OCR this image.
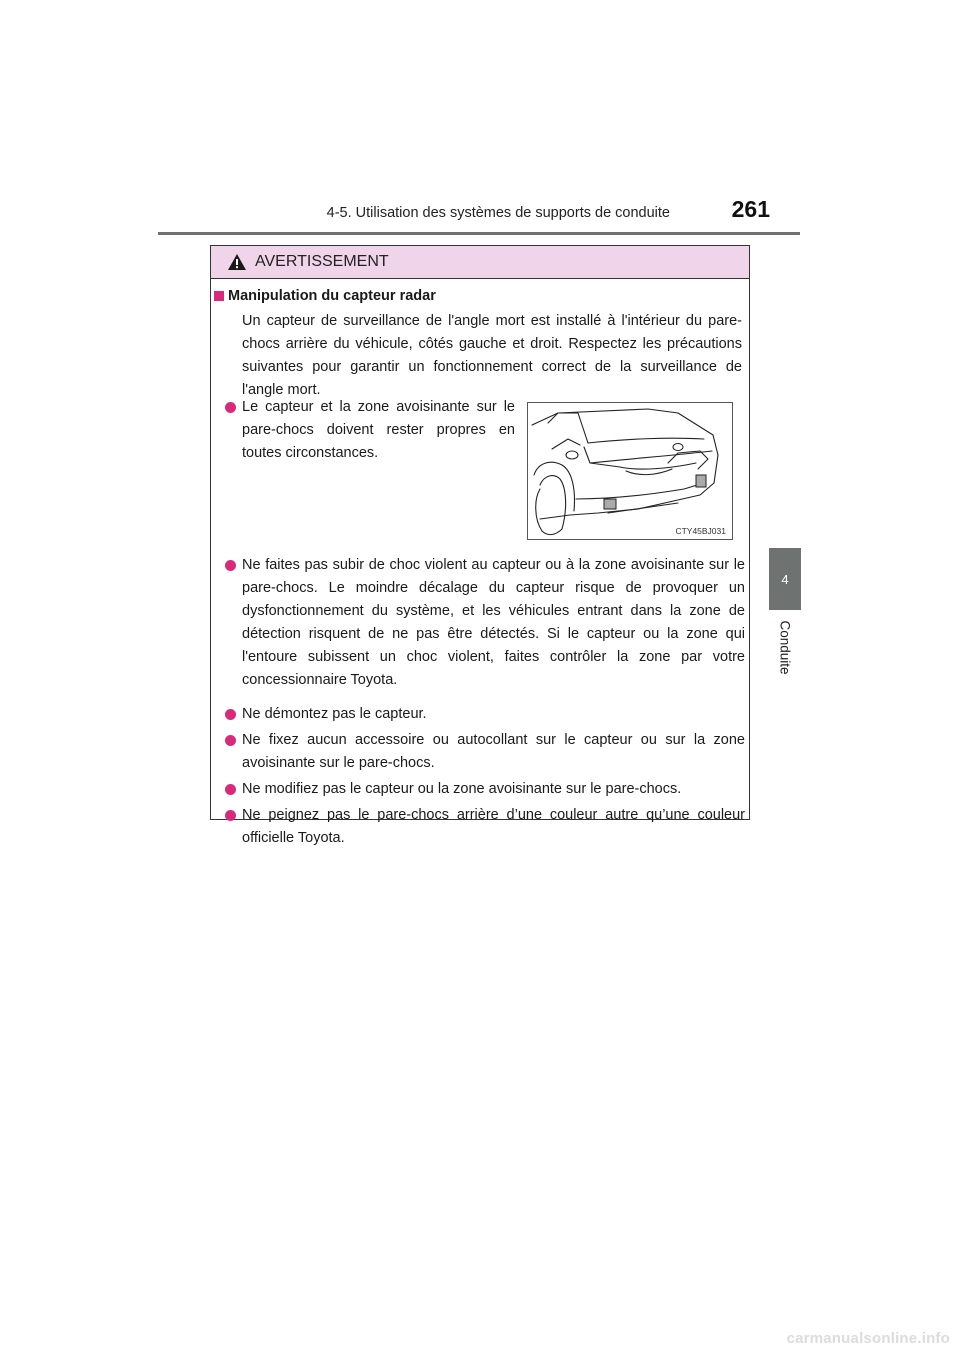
4-5. Utilisation des systèmes de supports de conduite	261
4
Conduite
AVERTISSEMENT
Manipulation du capteur radar

Un capteur de surveillance de l'angle mort est installé à l'intérieur du pare-chocs arrière du véhicule, côtés gauche et droit. Respectez les précautions suivantes pour garantir un fonctionnement correct de la surveillance de l'angle mort.

Le capteur et la zone avoisinante sur le pare-chocs doivent rester propres en toutes circonstances.
CTY45BJ031
Ne faites pas subir de choc violent au capteur ou à la zone avoisinante sur le pare-chocs. Le moindre décalage du capteur risque de provoquer un dysfonctionnement du système, et les véhicules entrant dans la zone de détection risquent de ne pas être détectés. Si le capteur ou la zone qui l'entoure subissent un choc violent, faites contrôler la zone par votre concessionnaire Toyota.
Ne démontez pas le capteur.
Ne fixez aucun accessoire ou autocollant sur le capteur ou sur la zone avoisinante sur le pare-chocs.
Ne modifiez pas le capteur ou la zone avoisinante sur le pare-chocs.
Ne peignez pas le pare-chocs arrière d’une couleur autre qu’une couleur officielle Toyota.
carmanualsonline.info
